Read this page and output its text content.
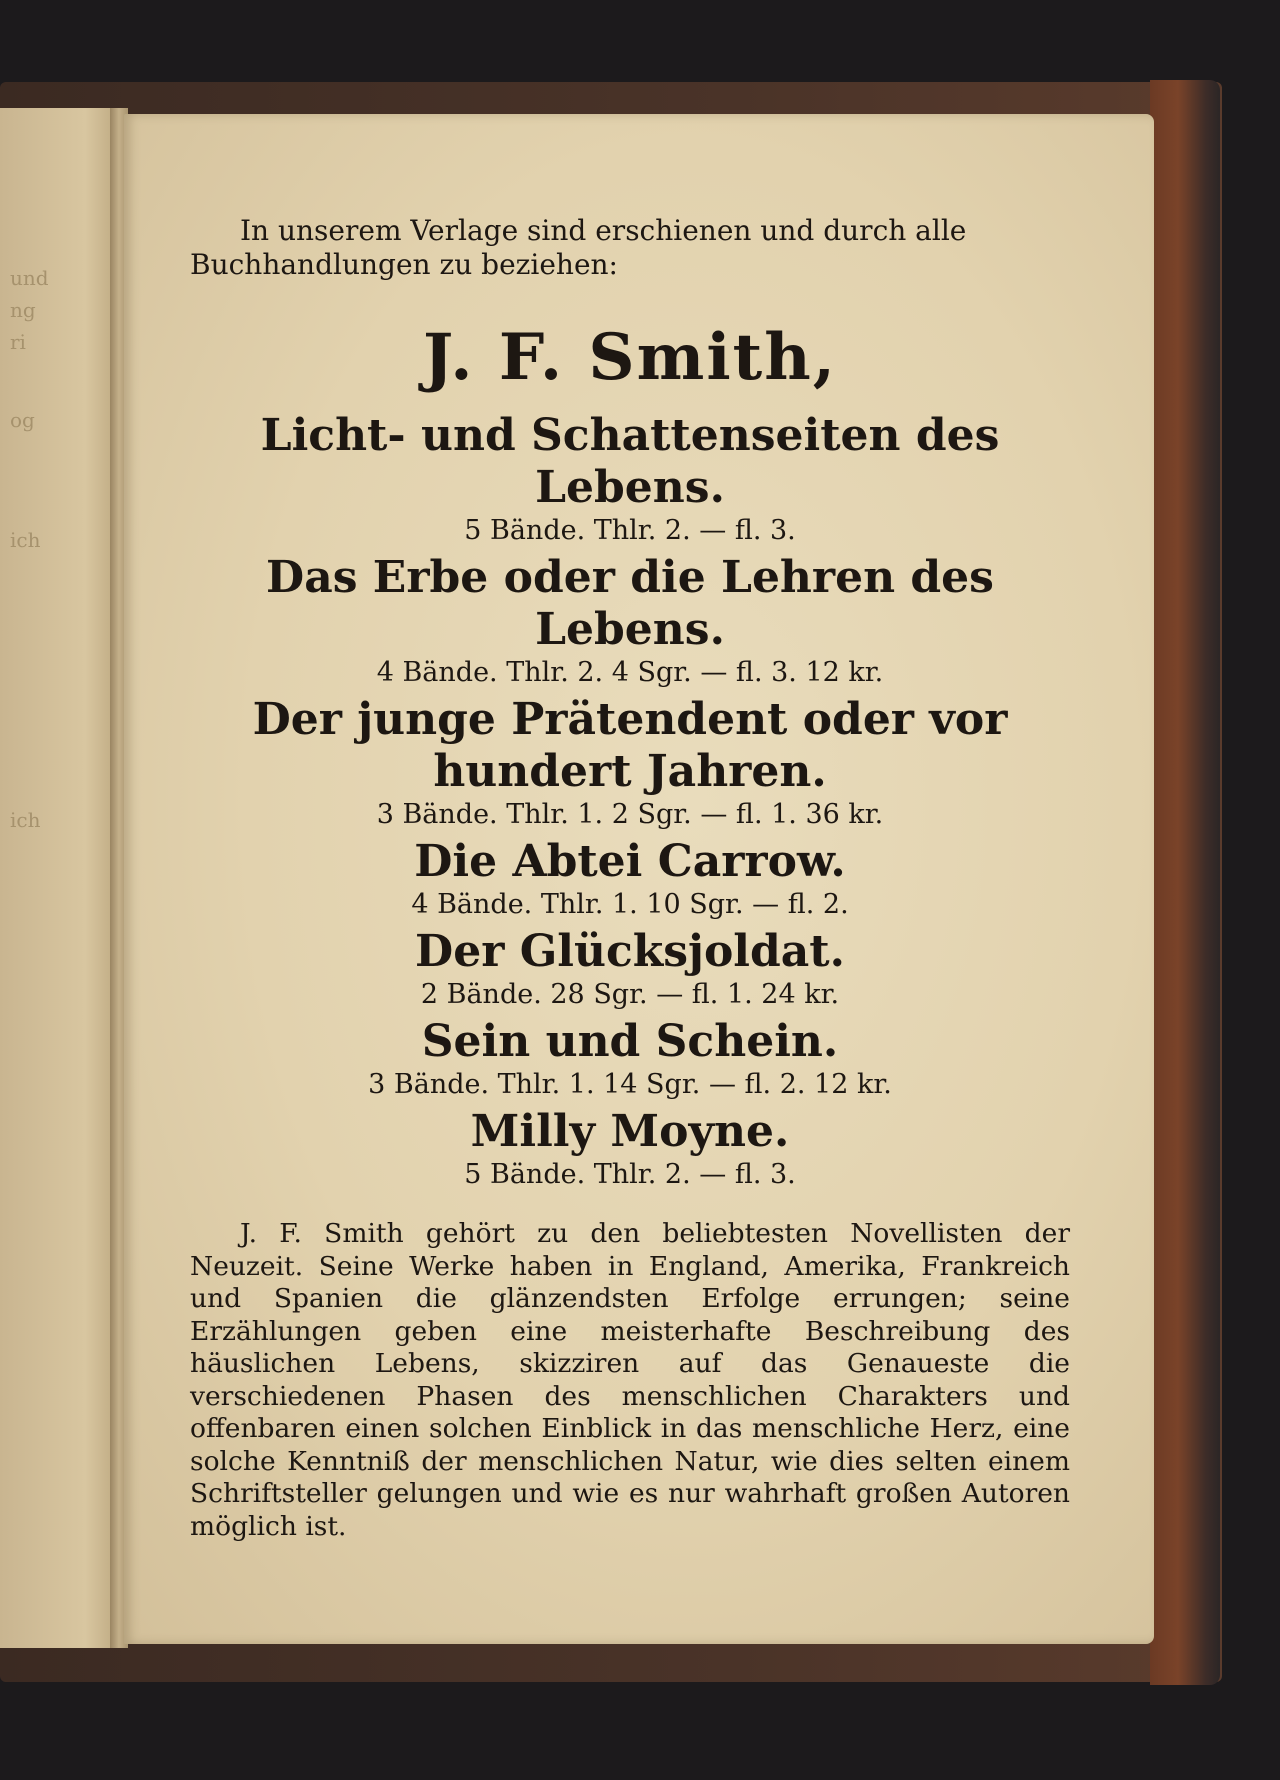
und
ng
ri
og
ich
ich

In unserem Verlage sind erschienen und durch alle Buchhandlungen zu beziehen:

J. F. Smith,

Licht- und Schattenseiten des Lebens.

5 Bände. Thlr. 2. — fl. 3.

Das Erbe oder die Lehren des Lebens.

4 Bände. Thlr. 2. 4 Sgr. — fl. 3. 12 kr.

Der junge Prätendent oder vor hundert Jahren.

3 Bände. Thlr. 1. 2 Sgr. — fl. 1. 36 kr.

Die Abtei Carrow.

4 Bände. Thlr. 1. 10 Sgr. — fl. 2.

Der Glücksjoldat.

2 Bände. 28 Sgr. — fl. 1. 24 kr.

Sein und Schein.

3 Bände. Thlr. 1. 14 Sgr. — fl. 2. 12 kr.

Milly Moyne.

5 Bände. Thlr. 2. — fl. 3.

J. F. Smith gehört zu den beliebtesten Novellisten der Neuzeit. Seine Werke haben in England, Amerika, Frankreich und Spanien die glänzendsten Erfolge errungen; seine Erzählungen geben eine meisterhafte Beschreibung des häuslichen Lebens, skizziren auf das Genaueste die verschiedenen Phasen des menschlichen Charakters und offenbaren einen solchen Einblick in das menschliche Herz, eine solche Kenntniß der menschlichen Natur, wie dies selten einem Schriftsteller gelungen und wie es nur wahrhaft großen Autoren möglich ist.
